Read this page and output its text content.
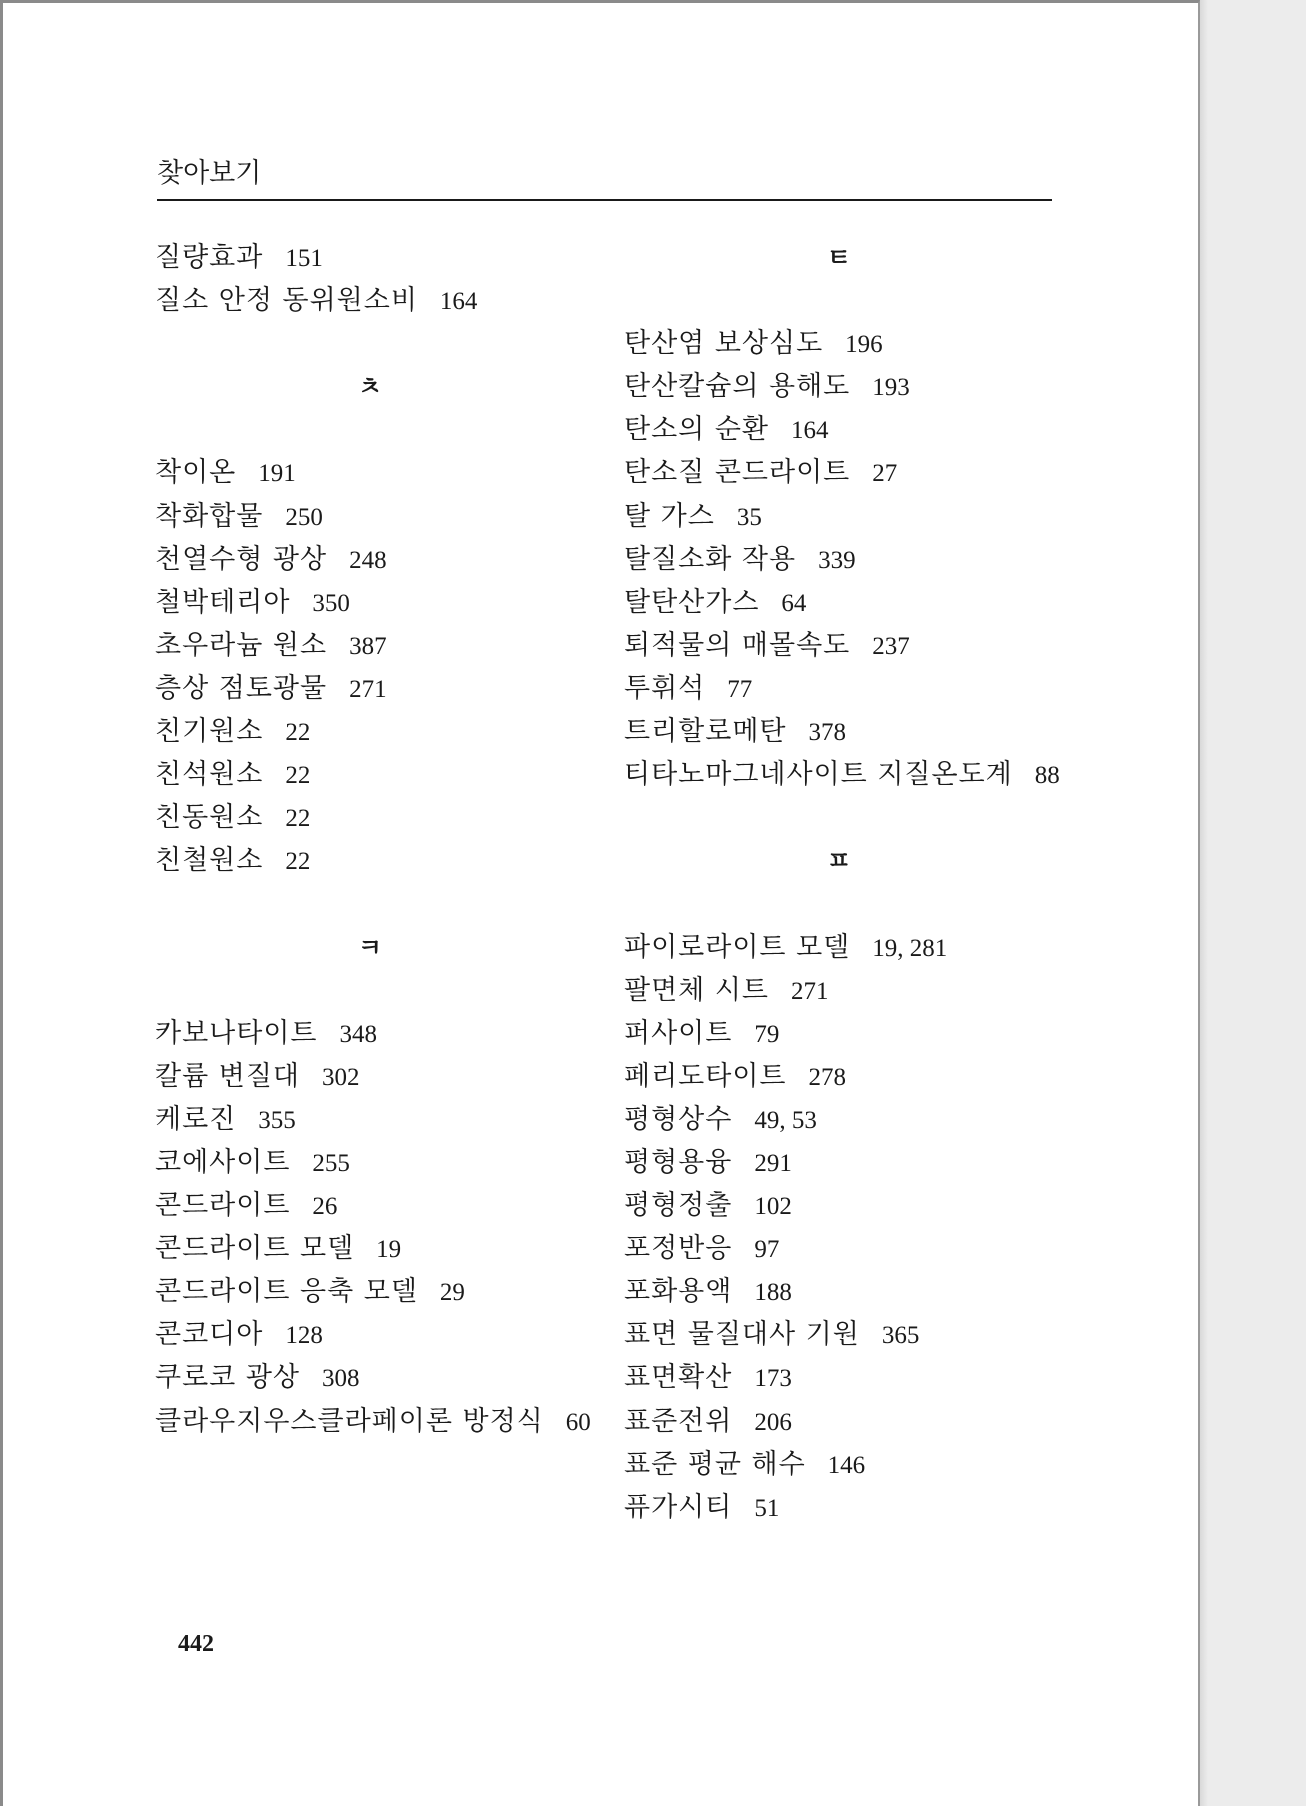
찾아보기
질량효과 151
질소 안정 동위원소비 164
ㅊ
착이온 191
착화합물 250
천열수형 광상 248
철박테리아 350
초우라늄 원소 387
층상 점토광물 271
친기원소 22
친석원소 22
친동원소 22
친철원소 22
ㅋ
카보나타이트 348
칼륨 변질대 302
케로진 355
코에사이트 255
콘드라이트 26
콘드라이트 모델 19
콘드라이트 응축 모델 29
콘코디아 128
쿠로코 광상 308
클라우지우스클라페이론 방정식 60
ㅌ
탄산염 보상심도 196
탄산칼슘의 용해도 193
탄소의 순환 164
탄소질 콘드라이트 27
탈 가스 35
탈질소화 작용 339
탈탄산가스 64
퇴적물의 매몰속도 237
투휘석 77
트리할로메탄 378
티타노마그네사이트 지질온도계 88
ㅍ
파이로라이트 모델 19, 281
팔면체 시트 271
퍼사이트 79
페리도타이트 278
평형상수 49, 53
평형용융 291
평형정출 102
포정반응 97
포화용액 188
표면 물질대사 기원 365
표면확산 173
표준전위 206
표준 평균 해수 146
퓨가시티 51
442
